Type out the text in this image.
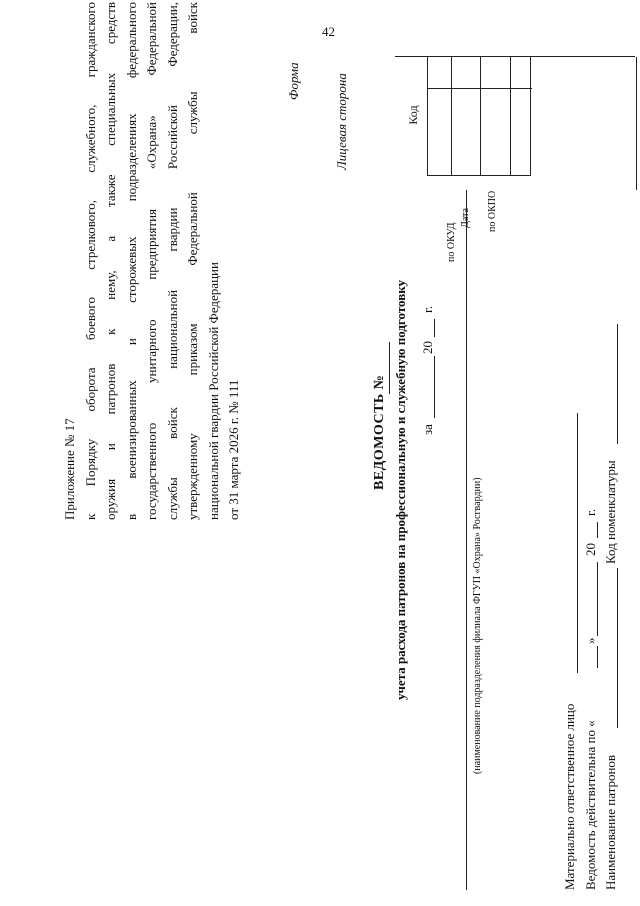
42
Приложение № 17 к Порядку оборота боевого стрелкового, служебного, гражданского оружия и патронов к нему, а также специальных средств в военизированных и сторожевых подразделениях федерального государственного унитарного предприятия «Охрана» Федеральной службы войск национальной гвардии Российской Федерации, утвержденному приказом Федеральной службы войск национальной гвардии Российской Федерации от 31 марта 2026 г. № 111
Форма	Лицевая сторона
ВЕДОМОСТЬ № учета расхода патронов на профессиональную и служебную подготовку за
20
г.
(наименование подразделения филиала ФГУП «Охрана» Росгвардии)
по ОКУД
Дата по ОКПО
Код
Материально ответственное лицо Ведомость действительна по «
»
20
г.
Наименование патронов
Код номенклатуры
